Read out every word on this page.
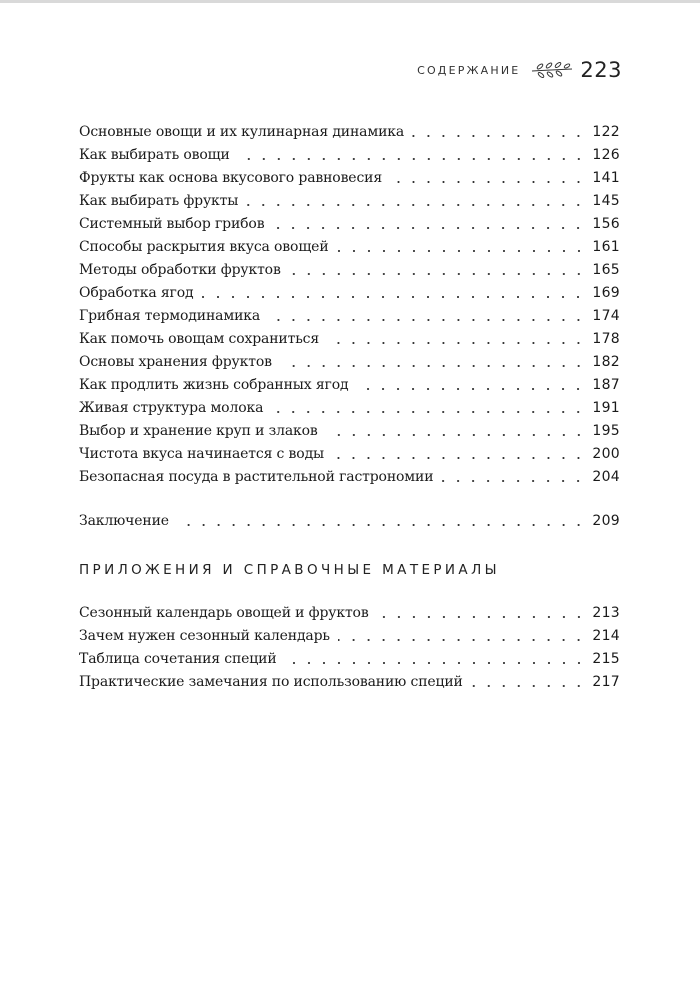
СОДЕРЖАНИЕ	223
Основные овощи и их кулинарная динамика	122
Как выбирать овощи	126
Фрукты как основа вкусового равновесия	141
Как выбирать фрукты	145
Системный выбор грибов	156
Способы раскрытия вкуса овощей	161
Методы обработки фруктов	165
Обработка ягод	169
Грибная термодинамика	174
Как помочь овощам сохраниться	178
Основы хранения фруктов	182
Как продлить жизнь собранных ягод	187
Живая структура молока	191
Выбор и хранение круп и злаков	195
Чистота вкуса начинается с воды	200
Безопасная посуда в растительной гастрономии	204
Заключение	209
ПРИЛОЖЕНИЯ И СПРАВОЧНЫЕ МАТЕРИАЛЫ
Сезонный календарь овощей и фруктов	213
Зачем нужен сезонный календарь	214
Таблица сочетания специй	215
Практические замечания по использованию специй	217
